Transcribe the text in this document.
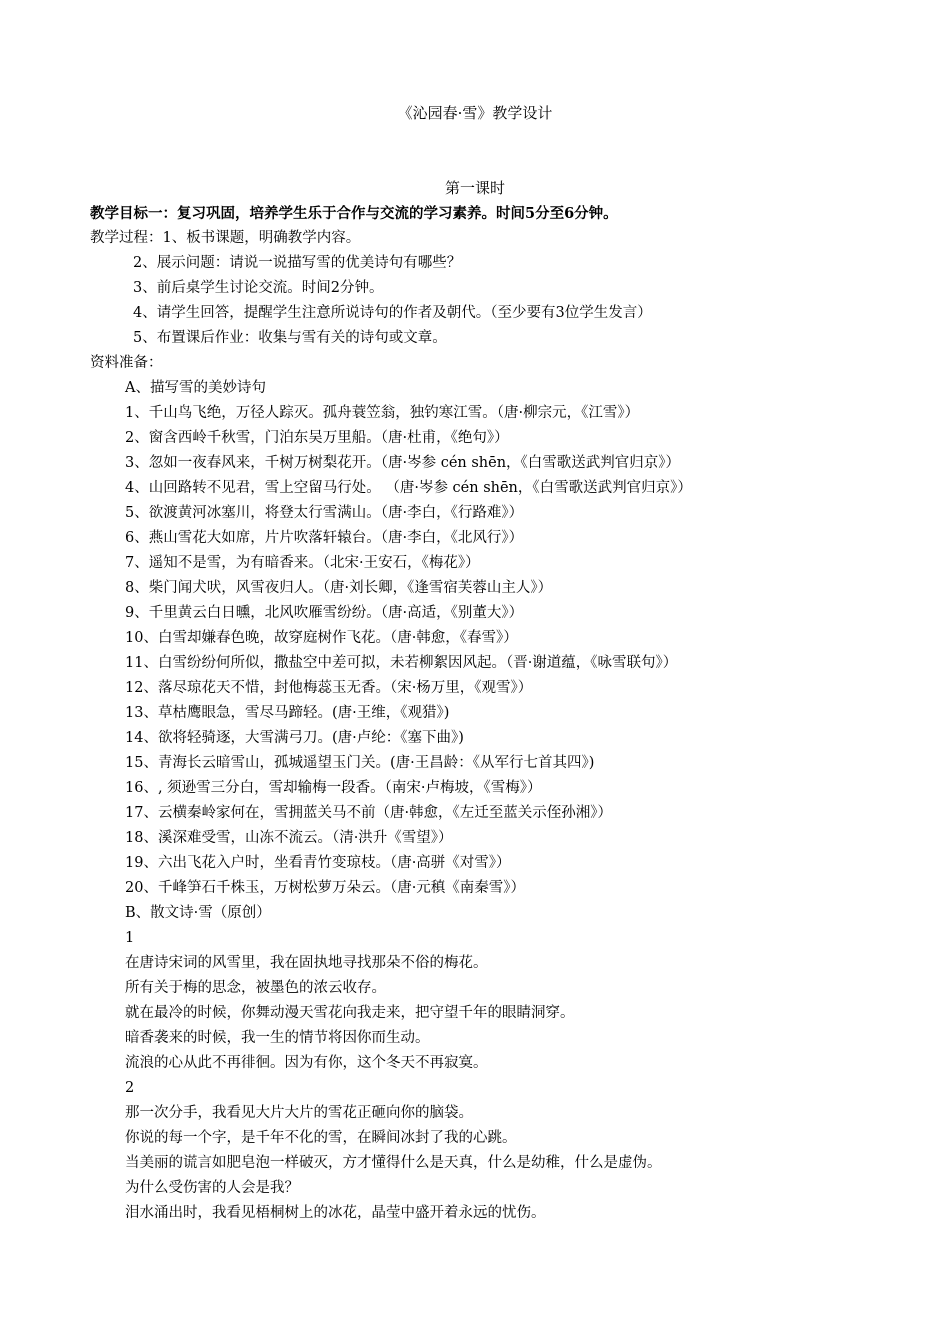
《沁园春·雪》教学设计
第一课时
教学目标一：复习巩固，培养学生乐于合作与交流的学习素养。时间5分至6分钟。
教学过程：1、板书课题，明确教学内容。
2、展示问题：请说一说描写雪的优美诗句有哪些？
3、前后桌学生讨论交流。时间2分钟。
4、请学生回答，提醒学生注意所说诗句的作者及朝代。（至少要有3位学生发言）
5、布置课后作业：收集与雪有关的诗句或文章。
资料准备：
A、描写雪的美妙诗句
1、千山鸟飞绝，万径人踪灭。孤舟蓑笠翁，独钓寒江雪。（唐·柳宗元，《江雪》）
2、窗含西岭千秋雪，门泊东吴万里船。（唐·杜甫，《绝句》）
3、忽如一夜春风来，千树万树梨花开。（唐·岑参 cén shēn，《白雪歌送武判官归京》）
4、山回路转不见君，雪上空留马行处。 （唐·岑参 cén shēn，《白雪歌送武判官归京》）
5、欲渡黄河冰塞川，将登太行雪满山。（唐·李白，《行路难》）
6、燕山雪花大如席，片片吹落轩辕台。（唐·李白，《北风行》）
7、遥知不是雪，为有暗香来。（北宋·王安石，《梅花》）
8、柴门闻犬吠，风雪夜归人。（唐·刘长卿，《逢雪宿芙蓉山主人》）
9、千里黄云白日曛，北风吹雁雪纷纷。（唐·高适，《别董大》）
10、白雪却嫌春色晚，故穿庭树作飞花。（唐·韩愈，《春雪》）
11、白雪纷纷何所似，撒盐空中差可拟，未若柳絮因风起。（晋·谢道蕴，《咏雪联句》）
12、落尽琼花天不惜，封他梅蕊玉无香。（宋·杨万里，《观雪》）
13、草枯鹰眼急，雪尽马蹄轻。(唐·王维，《观猎》)
14、欲将轻骑逐，大雪满弓刀。(唐·卢纶：《塞下曲》)
15、青海长云暗雪山，孤城遥望玉门关。(唐·王昌龄：《从军行七首其四》)
16、, 须逊雪三分白，雪却输梅一段香。（南宋·卢梅坡，《雪梅》）
17、云横秦岭家何在，雪拥蓝关马不前（唐·韩愈，《左迁至蓝关示侄孙湘》）
18、溪深难受雪，山冻不流云。（清·洪升《雪望》）
19、六出飞花入户时，坐看青竹变琼枝。（唐·高骈《对雪》）
20、千峰笋石千株玉，万树松萝万朵云。（唐·元稹《南秦雪》）
B、散文诗·雪（原创）
1
在唐诗宋词的风雪里，我在固执地寻找那朵不俗的梅花。
所有关于梅的思念，被墨色的浓云收存。
就在最冷的时候，你舞动漫天雪花向我走来，把守望千年的眼睛洞穿。
暗香袭来的时候，我一生的情节将因你而生动。
流浪的心从此不再徘徊。因为有你，这个冬天不再寂寞。
2
那一次分手，我看见大片大片的雪花正砸向你的脑袋。
你说的每一个字，是千年不化的雪，在瞬间冰封了我的心跳。
当美丽的谎言如肥皂泡一样破灭，方才懂得什么是天真，什么是幼稚，什么是虚伪。
为什么受伤害的人会是我？
泪水涌出时，我看见梧桐树上的冰花，晶莹中盛开着永远的忧伤。
